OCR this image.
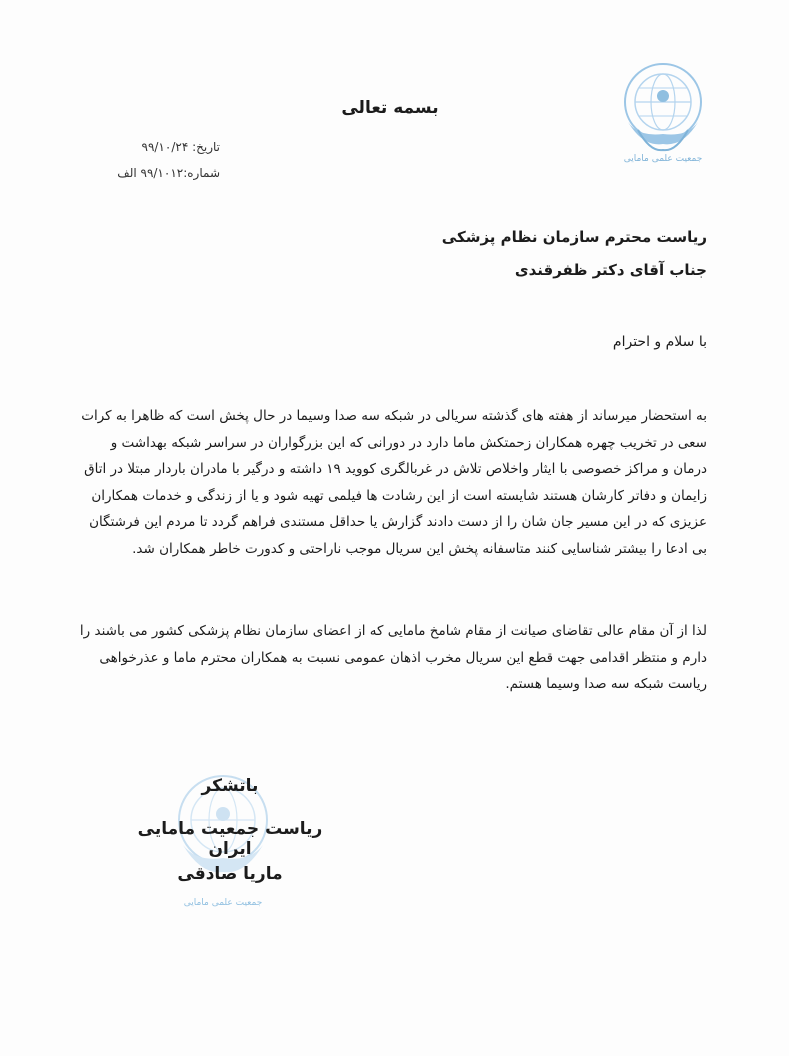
بسمه تعالی
جمعیت علمی مامایی
تاریخ: ۹۹/۱۰/۲۴
شماره:۹۹/۱۰۱۲ الف
ریاست محترم سازمان نظام پزشکی
جناب آقای دکتر ظفرقندی
با سلام و احترام
به استحضار میرساند از هفته های گذشته سریالی در شبکه سه صدا وسیما در حال پخش است که ظاهرا به کرات سعی در تخریب چهره همکاران زحمتکش ماما دارد در دورانی که این بزرگواران در سراسر شبکه بهداشت و درمان و مراکز خصوصی با ایثار واخلاص تلاش در غربالگری کووید ۱۹ داشته و درگیر با مادران باردار مبتلا در اتاق زایمان و دفاتر کارشان هستند شایسته است از این رشادت ها فیلمی تهیه شود و یا از زندگی و خدمات همکاران عزیزی که در این مسیر جان شان را از دست دادند گزارش یا حداقل مستندی فراهم گردد تا مردم این فرشتگان بی ادعا را بیشتر شناسایی کنند متاسفانه پخش این سریال موجب ناراحتی و کدورت خاطر همکاران شد.
لذا از آن مقام عالی تقاضای صیانت از مقام شامخ مامایی که از اعضای سازمان نظام پزشکی کشور می باشند را دارم و منتظر اقدامی جهت قطع این سریال مخرب اذهان عمومی نسبت به همکاران محترم ماما و عذرخواهی ریاست شبکه سه صدا وسیما هستم.
جمعیت علمی مامایی
باتشکر
ریاست جمعیت مامایی ایران
ماریا صادقی
